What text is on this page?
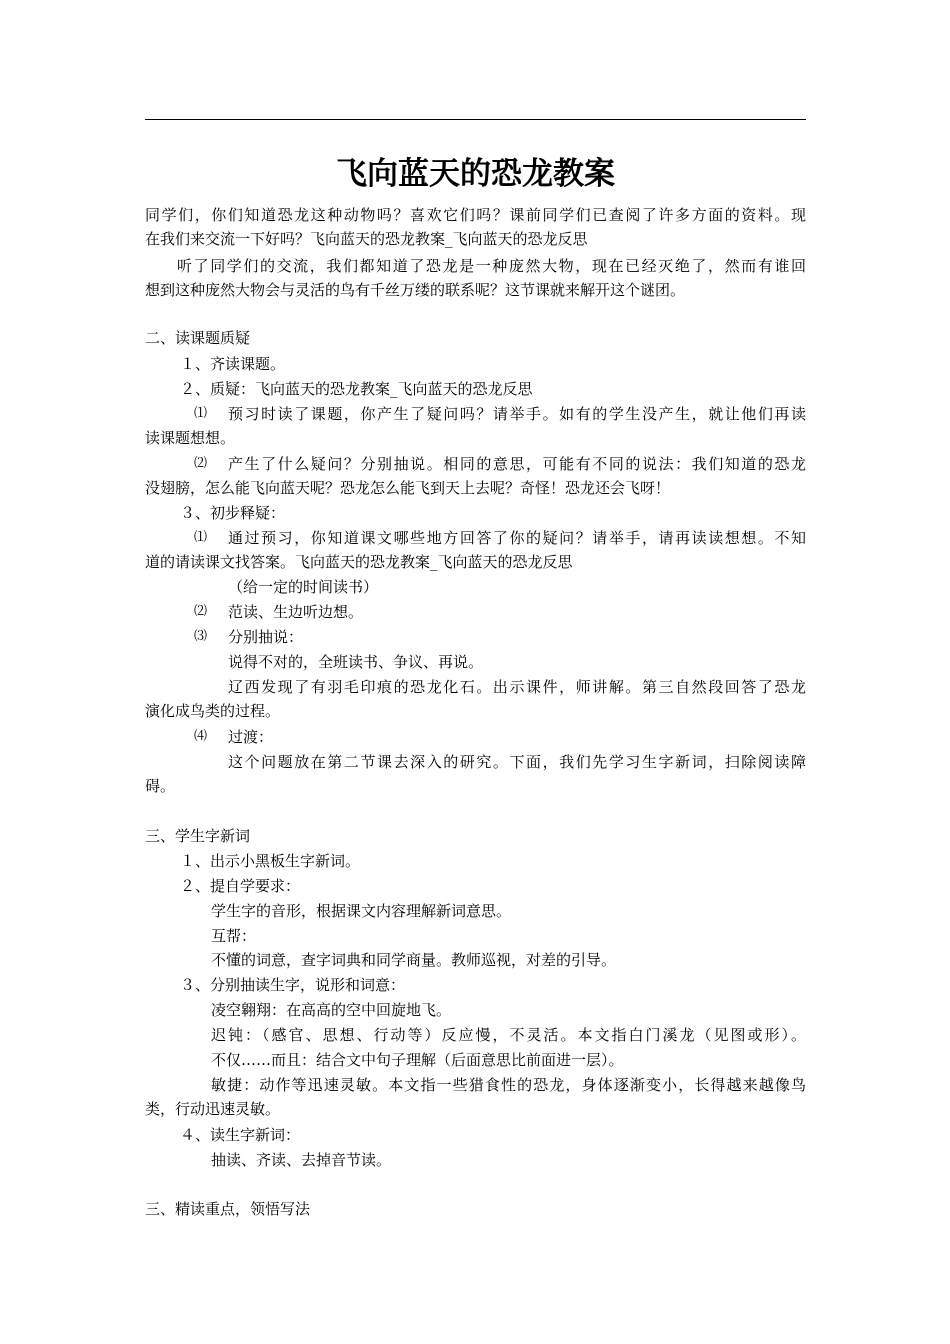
飞向蓝天的恐龙教案
同学们，你们知道恐龙这种动物吗？喜欢它们吗？课前同学们已查阅了许多方面的资料。现
在我们来交流一下好吗？飞向蓝天的恐龙教案_飞向蓝天的恐龙反思
听了同学们的交流，我们都知道了恐龙是一种庞然大物，现在已经灭绝了，然而有谁回
想到这种庞然大物会与灵活的鸟有千丝万缕的联系呢？这节课就来解开这个谜团。
二、读课题质疑
１、齐读课题。
２、质疑：飞向蓝天的恐龙教案_飞向蓝天的恐龙反思
⑴ 预习时读了课题，你产生了疑问吗？请举手。如有的学生没产生，就让他们再读
读课题想想。
⑵ 产生了什么疑问？分别抽说。相同的意思，可能有不同的说法：我们知道的恐龙
没翅膀，怎么能飞向蓝天呢？恐龙怎么能飞到天上去呢？奇怪！恐龙还会飞呀！
３、初步释疑：
⑴ 通过预习，你知道课文哪些地方回答了你的疑问？请举手，请再读读想想。不知
道的请读课文找答案。飞向蓝天的恐龙教案_飞向蓝天的恐龙反思
（给一定的时间读书）
⑵ 范读、生边听边想。
⑶ 分别抽说：
说得不对的，全班读书、争议、再说。
辽西发现了有羽毛印痕的恐龙化石。出示课件，师讲解。第三自然段回答了恐龙
演化成鸟类的过程。
⑷ 过渡：
这个问题放在第二节课去深入的研究。下面，我们先学习生字新词，扫除阅读障
碍。
三、学生字新词
１、出示小黑板生字新词。
２、提自学要求：
学生字的音形，根据课文内容理解新词意思。
互帮：
不懂的词意，查字词典和同学商量。教师巡视，对差的引导。
３、分别抽读生字，说形和词意：
凌空翱翔：在高高的空中回旋地飞。
迟钝：（感官、思想、行动等）反应慢，不灵活。本文指白门溪龙（见图或形）。
不仅……而且：结合文中句子理解（后面意思比前面进一层）。
敏捷：动作等迅速灵敏。本文指一些猎食性的恐龙，身体逐渐变小，长得越来越像鸟
类，行动迅速灵敏。
４、读生字新词：
抽读、齐读、去掉音节读。
三、精读重点，领悟写法
